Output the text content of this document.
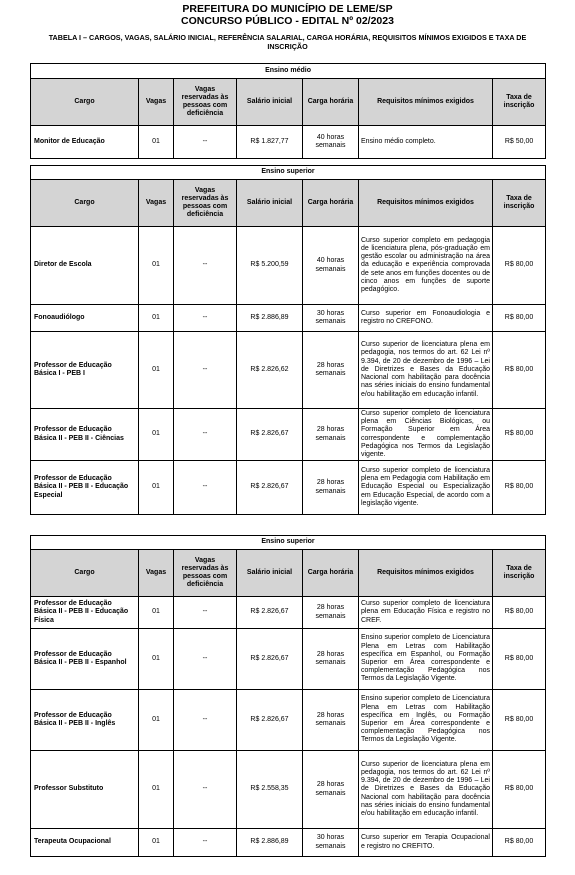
PREFEITURA DO MUNICÍPIO DE LEME/SP
CONCURSO PÚBLICO - EDITAL Nº 02/2023
TABELA I – CARGOS, VAGAS, SALÁRIO INICIAL, REFERÊNCIA SALARIAL, CARGA HORÁRIA, REQUISITOS MÍNIMOS EXIGIDOS E TAXA DE INSCRIÇÃO
Ensino médio						
Cargo	Vagas	Vagas reservadas às pessoas com deficiência	Salário inicial	Carga horária	Requisitos mínimos exigidos	Taxa de inscrição
Monitor de Educação	01	--	R$ 1.827,77	40 horas semanais	Ensino médio completo.	R$ 50,00
Ensino superior						
Cargo	Vagas	Vagas reservadas às pessoas com deficiência	Salário inicial	Carga horária	Requisitos mínimos exigidos	Taxa de inscrição
Diretor de Escola	01	--	R$ 5.200,59	40 horas semanais	Curso superior completo em pedagogia de licenciatura plena, pós-graduação em gestão escolar ou administração na área da educação e experiência comprovada de sete anos em funções docentes ou de cinco anos em funções de suporte pedagógico.	R$ 80,00
Fonoaudiólogo	01	--	R$ 2.886,89	30 horas semanais	Curso superior em Fonoaudiologia e registro no CREFONO.	R$ 80,00
Professor de Educação Básica I - PEB I	01	--	R$ 2.826,62	28 horas semanais	Curso superior de licenciatura plena em pedagogia, nos termos do art. 62 Lei nº 9.394, de 20 de dezembro de 1996 – Lei de Diretrizes e Bases da Educação Nacional com habilitação para docência nas séries iniciais do ensino fundamental e/ou habilitação em educação infantil.	R$ 80,00
Professor de Educação Básica II - PEB II - Ciências	01	--	R$ 2.826,67	28 horas semanais	Curso superior completo de licenciatura plena em Ciências Biológicas, ou Formação Superior em Área correspondente e complementação Pedagógica nos Termos da Legislação vigente.	R$ 80,00
Professor de Educação Básica II - PEB II - Educação Especial	01	--	R$ 2.826,67	28 horas semanais	Curso superior completo de licenciatura plena em Pedagogia com Habilitação em Educação Especial ou Especialização em Educação Especial, de acordo com a legislação vigente.	R$ 80,00
Ensino superior						
Cargo	Vagas	Vagas reservadas às pessoas com deficiência	Salário inicial	Carga horária	Requisitos mínimos exigidos	Taxa de inscrição
Professor de Educação Básica II - PEB II - Educação Física	01	--	R$ 2.826,67	28 horas semanais	Curso superior completo de licenciatura plena em Educação Física e registro no CREF.	R$ 80,00
Professor de Educação Básica II - PEB II - Espanhol	01	--	R$ 2.826,67	28 horas semanais	Ensino superior completo de Licenciatura Plena em Letras com Habilitação específica em Espanhol, ou Formação Superior em Área correspondente e complementação Pedagógica nos Termos da Legislação Vigente.	R$ 80,00
Professor de Educação Básica II - PEB II - Inglês	01	--	R$ 2.826,67	28 horas semanais	Ensino superior completo de Licenciatura Plena em Letras com Habilitação específica em Inglês, ou Formação Superior em Área correspondente e complementação Pedagógica nos Termos da Legislação Vigente.	R$ 80,00
Professor Substituto	01	--	R$ 2.558,35	28 horas semanais	Curso superior de licenciatura plena em pedagogia, nos termos do art. 62 Lei nº 9.394, de 20 de dezembro de 1996 – Lei de Diretrizes e Bases da Educação Nacional com habilitação para docência nas séries iniciais do ensino fundamental e/ou habilitação em educação infantil.	R$ 80,00
Terapeuta Ocupacional	01	--	R$ 2.886,89	30 horas semanais	Curso superior em Terapia Ocupacional e registro no CREFITO.	R$ 80,00
